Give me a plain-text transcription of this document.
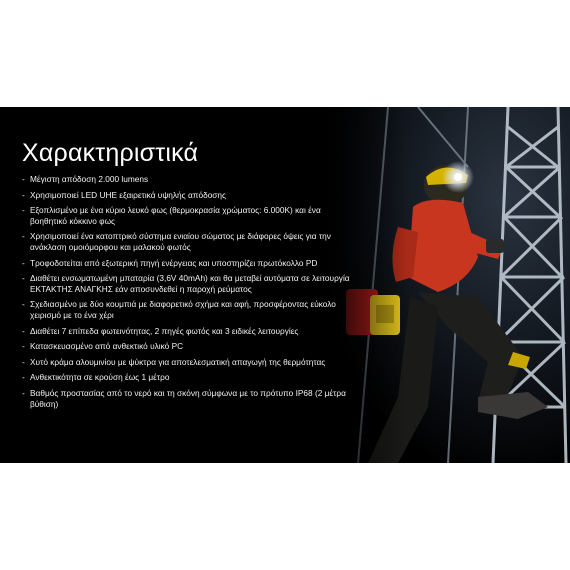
Χαρακτηριστικά
- Μέγιστη απόδοση 2.000 lumens
- Χρησιμοποιεί LED UHE εξαιρετικά υψηλής απόδοσης
- Εξοπλισμένο με ένα κύριο λευκό φως (θερμοκρασία χρώματος: 6.000K) και ένα βοηθητικό κόκκινο φως
- Χρησιμοποιεί ένα κατοπτρικό σύστημα ενιαίου σώματος με διάφορες όψεις για την ανάκλαση ομοιόμορφου και μαλακού φωτός
- Τροφοδοτείται από εξωτερική πηγή ενέργειας και υποστηρίζει πρωτόκολλο PD
- Διαθέτει ενσωματωμένη μπαταρία (3,6V 40mAh) και θα μεταβεί αυτόματα σε λειτουργία ΕΚΤΑΚΤΗΣ ΑΝΑΓΚΗΣ εάν αποσυνδεθεί η παροχή ρεύματος
- Σχεδιασμένο με δύο κουμπιά με διαφορετικό σχήμα και αφή, προσφέροντας εύκολο χειρισμό με το ένα χέρι
- Διαθέτει 7 επίπεδα φωτεινότητας, 2 πηγές φωτός και 3 ειδικές λειτουργίες
- Κατασκευασμένο από ανθεκτικό υλικό PC
- Χυτό κράμα αλουμινίου με ψύκτρα για αποτελεσματική απαγωγή της θερμότητας
- Ανθεκτικότητα σε κρούση έως 1 μέτρο
- Βαθμός προστασίας από το νερό και τη σκόνη σύμφωνα με το πρότυπο IP68 (2 μέτρα βύθιση)
